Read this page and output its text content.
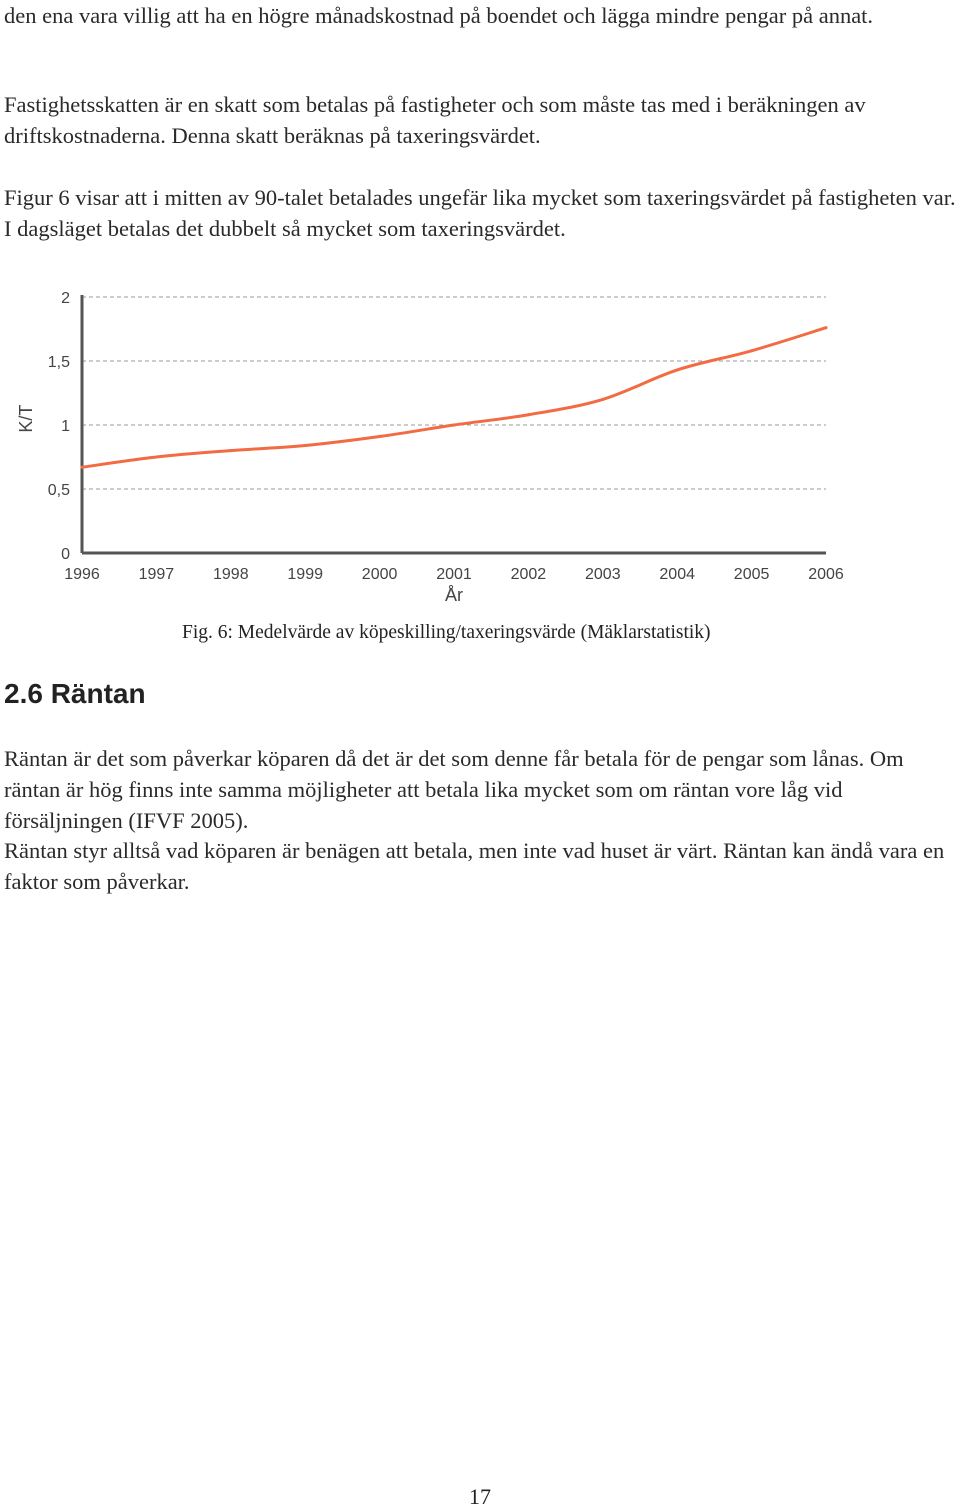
den ena vara villig att ha en högre månadskostnad på boendet och lägga mindre pengar på annat.

Fastighetsskatten är en skatt som betalas på fastigheter och som måste tas med i beräkningen av driftskostnaderna. Denna skatt beräknas på taxeringsvärdet.

Figur 6 visar att i mitten av 90-talet betalades ungefär lika mycket som taxeringsvärdet på fastigheten var. I dagsläget betalas det dubbelt så mycket som taxeringsvärdet.

0
0,5
1
1,5
2
1996 1997 1998 1999 2000 2001 2002 2003 2004 2005 2006
År
K/T

Fig. 6: Medelvärde av köpeskilling/taxeringsvärde (Mäklarstatistik)

2.6 Räntan

Räntan är det som påverkar köparen då det är det som denne får betala för de pengar som lånas. Om räntan är hög finns inte samma möjligheter att betala lika mycket som om räntan vore låg vid försäljningen (IFVF 2005).

Räntan styr alltså vad köparen är benägen att betala, men inte vad huset är värt. Räntan kan ändå vara en faktor som påverkar.

17
